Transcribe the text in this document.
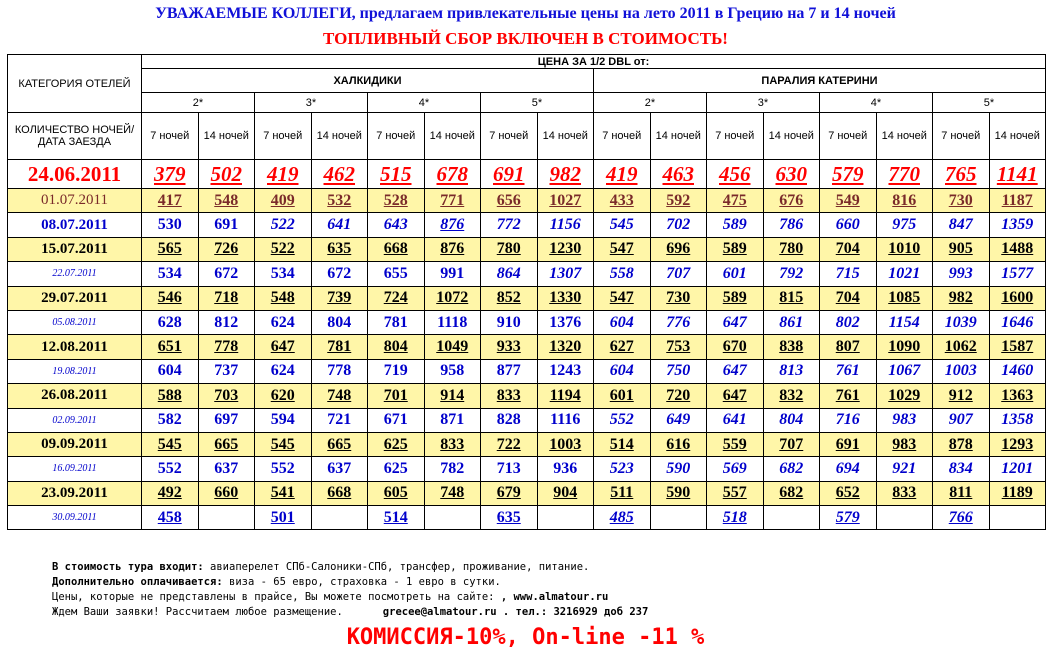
УВАЖАЕМЫЕ КОЛЛЕГИ, предлагаем привлекательные цены на лето 2011 в Грецию на 7 и 14 ночей
ТОПЛИВНЫЙ СБОР ВКЛЮЧЕН В СТОИМОСТЬ!
КАТЕГОРИЯ ОТЕЛЕЙ	ЦЕНА ЗА 1/2 DBL от:															
	ХАЛКИДИКИ								ПАРАЛИЯ КАТЕРИНИ							
	2*		3*		4*		5*		2*		3*		4*		5*	
КОЛИЧЕСТВО НОЧЕЙ/ ДАТА ЗАЕЗДА	7 ночей	14 ночей	7 ночей	14 ночей	7 ночей	14 ночей	7 ночей	14 ночей	7 ночей	14 ночей	7 ночей	14 ночей	7 ночей	14 ночей	7 ночей	14 ночей
24.06.2011	379	502	419	462	515	678	691	982	419	463	456	630	579	770	765	1141
01.07.2011	417	548	409	532	528	771	656	1027	433	592	475	676	549	816	730	1187
08.07.2011	530	691	522	641	643	876	772	1156	545	702	589	786	660	975	847	1359
15.07.2011	565	726	522	635	668	876	780	1230	547	696	589	780	704	1010	905	1488
22.07.2011	534	672	534	672	655	991	864	1307	558	707	601	792	715	1021	993	1577
29.07.2011	546	718	548	739	724	1072	852	1330	547	730	589	815	704	1085	982	1600
05.08.2011	628	812	624	804	781	1118	910	1376	604	776	647	861	802	1154	1039	1646
12.08.2011	651	778	647	781	804	1049	933	1320	627	753	670	838	807	1090	1062	1587
19.08.2011	604	737	624	778	719	958	877	1243	604	750	647	813	761	1067	1003	1460
26.08.2011	588	703	620	748	701	914	833	1194	601	720	647	832	761	1029	912	1363
02.09.2011	582	697	594	721	671	871	828	1116	552	649	641	804	716	983	907	1358
09.09.2011	545	665	545	665	625	833	722	1003	514	616	559	707	691	983	878	1293
16.09.2011	552	637	552	637	625	782	713	936	523	590	569	682	694	921	834	1201
23.09.2011	492	660	541	668	605	748	679	904	511	590	557	682	652	833	811	1189
30.09.2011	458		501		514		635		485		518		579		766	
В стоимость тура входит: авиаперелет СПб-Салоники-СПб, трансфер, проживание, питание.
Дополнительно оплачивается: виза - 65 евро, страховка - 1 евро в сутки.
Цены, которые не представлены в прайсе, Вы можете посмотреть на сайте: , www.almatour.ru
Ждем Ваши заявки! Рассчитаем любое размещение.	grecee@almatour.ru . тел.: 3216929 доб 237
КОМИССИЯ-10%, On-line -11 %
